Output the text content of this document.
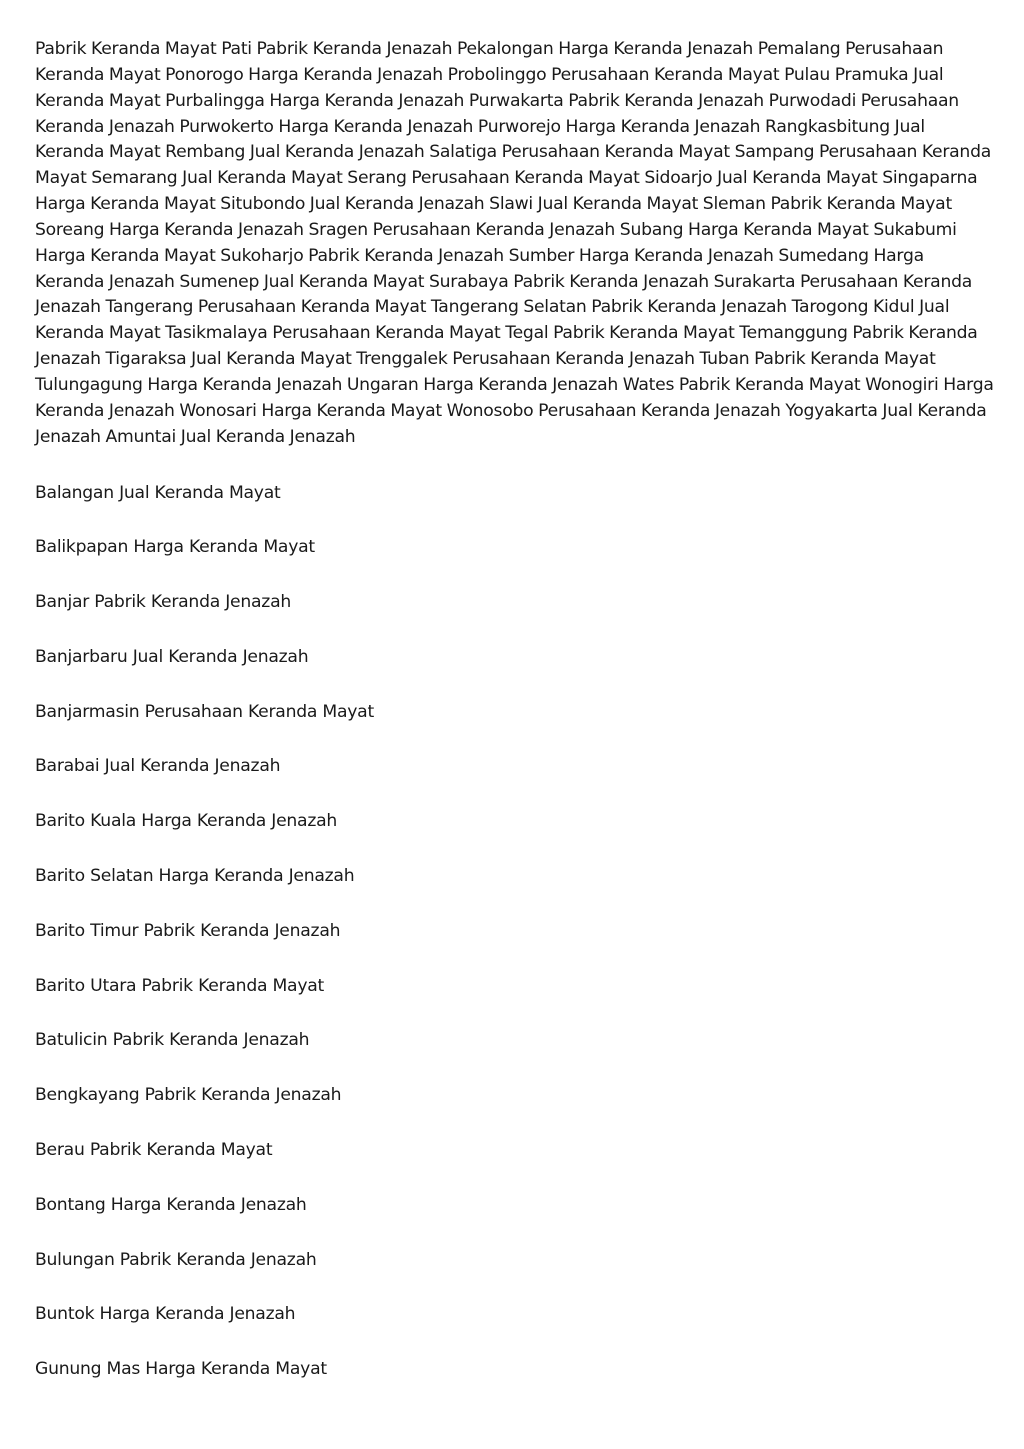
Pabrik Keranda Mayat Pati Pabrik Keranda Jenazah Pekalongan Harga Keranda Jenazah Pemalang Perusahaan Keranda Mayat Ponorogo Harga Keranda Jenazah Probolinggo Perusahaan Keranda Mayat Pulau Pramuka Jual Keranda Mayat Purbalingga Harga Keranda Jenazah Purwakarta Pabrik Keranda Jenazah Purwodadi Perusahaan Keranda Jenazah Purwokerto Harga Keranda Jenazah Purworejo Harga Keranda Jenazah Rangkasbitung Jual Keranda Mayat Rembang Jual Keranda Jenazah Salatiga Perusahaan Keranda Mayat Sampang Perusahaan Keranda Mayat Semarang Jual Keranda Mayat Serang Perusahaan Keranda Mayat Sidoarjo Jual Keranda Mayat Singaparna Harga Keranda Mayat Situbondo Jual Keranda Jenazah Slawi Jual Keranda Mayat Sleman Pabrik Keranda Mayat Soreang Harga Keranda Jenazah Sragen Perusahaan Keranda Jenazah Subang Harga Keranda Mayat Sukabumi Harga Keranda Mayat Sukoharjo Pabrik Keranda Jenazah Sumber Harga Keranda Jenazah Sumedang Harga Keranda Jenazah Sumenep Jual Keranda Mayat Surabaya Pabrik Keranda Jenazah Surakarta Perusahaan Keranda Jenazah Tangerang Perusahaan Keranda Mayat Tangerang Selatan Pabrik Keranda Jenazah Tarogong Kidul Jual Keranda Mayat Tasikmalaya Perusahaan Keranda Mayat Tegal Pabrik Keranda Mayat Temanggung Pabrik Keranda Jenazah Tigaraksa Jual Keranda Mayat Trenggalek Perusahaan Keranda Jenazah Tuban Pabrik Keranda Mayat Tulungagung Harga Keranda Jenazah Ungaran Harga Keranda Jenazah Wates Pabrik Keranda Mayat Wonogiri Harga Keranda Jenazah Wonosari Harga Keranda Mayat Wonosobo Perusahaan Keranda Jenazah Yogyakarta Jual Keranda Jenazah Amuntai Jual Keranda Jenazah

Balangan Jual Keranda Mayat
Balikpapan Harga Keranda Mayat
Banjar Pabrik Keranda Jenazah
Banjarbaru Jual Keranda Jenazah
Banjarmasin Perusahaan Keranda Mayat
Barabai Jual Keranda Jenazah
Barito Kuala Harga Keranda Jenazah
Barito Selatan Harga Keranda Jenazah
Barito Timur Pabrik Keranda Jenazah
Barito Utara Pabrik Keranda Mayat
Batulicin Pabrik Keranda Jenazah
Bengkayang Pabrik Keranda Jenazah
Berau Pabrik Keranda Mayat
Bontang Harga Keranda Jenazah
Bulungan Pabrik Keranda Jenazah
Buntok Harga Keranda Jenazah
Gunung Mas Harga Keranda Mayat
